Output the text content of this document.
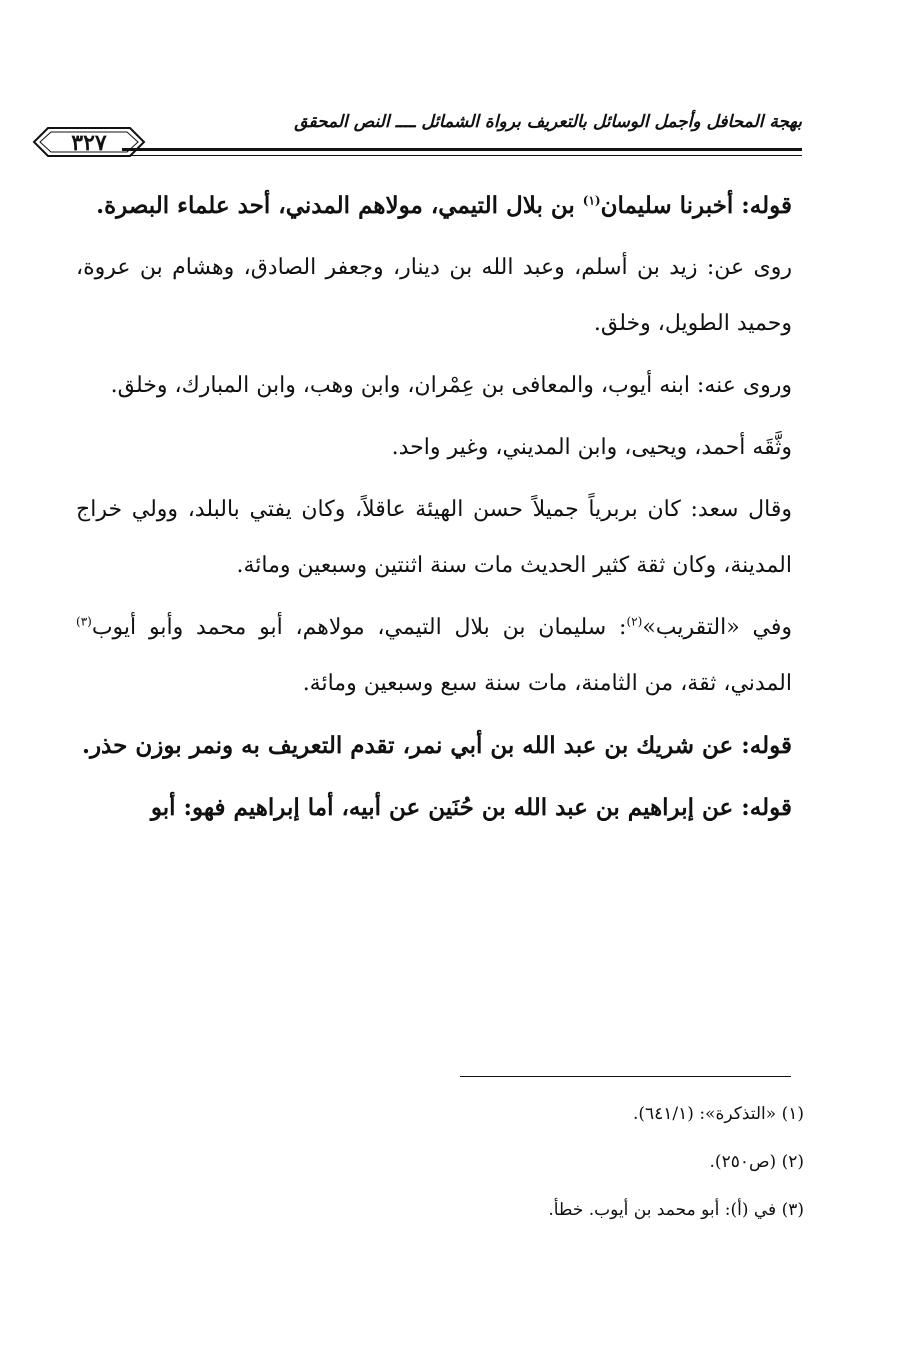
بهجة المحافل وأجمل الوسائل بالتعريف برواة الشمائل ــــ النص المحقق
٣٢٧

قوله: أخبرنا سليمان$^{(١)}$ بن بلال التيمي، مولاهم المدني، أحد علماء البصرة.

روى عن: زيد بن أسلم، وعبد الله بن دينار، وجعفر الصادق، وهشام بن عروة، وحميد الطويل، وخلق.

وروى عنه: ابنه أيوب، والمعافى بن عِمْران، وابن وهب، وابن المبارك، وخلق.

وثَّقَه أحمد، ويحيى، وابن المديني، وغير واحد.

وقال سعد: كان بربرياً جميلاً حسن الهيئة عاقلاً، وكان يفتي بالبلد، وولي خراج المدينة، وكان ثقة كثير الحديث مات سنة اثنتين وسبعين ومائة.

وفي «التقريب»$^{(٢)}$: سليمان بن بلال التيمي، مولاهم، أبو محمد وأبو أيوب$^{(٣)}$ المدني، ثقة، من الثامنة، مات سنة سبع وسبعين ومائة.

قوله: عن شريك بن عبد الله بن أبي نمر، تقدم التعريف به ونمر بوزن حذر.

قوله: عن إبراهيم بن عبد الله بن حُنَين عن أبيه، أما إبراهيم فهو: أبو

(١) «التذكرة»: (٦٤١/١).
(٢) (ص٢٥٠).
(٣) في (أ): أبو محمد بن أيوب. خطأ.
